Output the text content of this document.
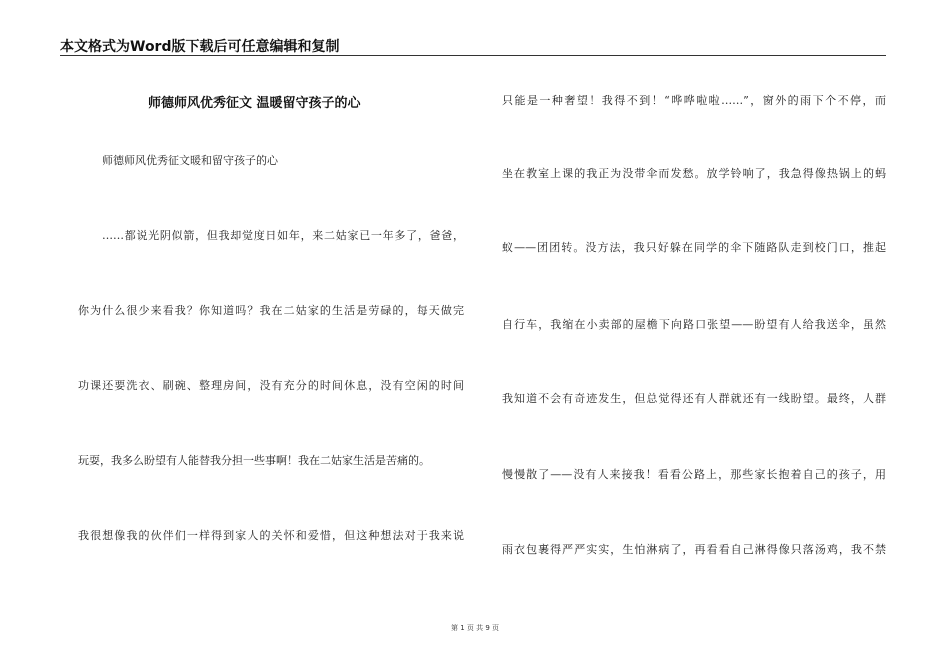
本文格式为Word版下载后可任意编辑和复制
师德师风优秀征文 温暖留守孩子的心
师德师风优秀征文暖和留守孩子的心
……都说光阴似箭，但我却觉度日如年，来二姑家已一年多了，爸爸，
你为什么很少来看我？你知道吗？我在二姑家的生活是劳碌的，每天做完
功课还要洗衣、刷碗、整理房间，没有充分的时间休息，没有空闲的时间
玩耍，我多么盼望有人能替我分担一些事啊！我在二姑家生活是苦痛的。
我很想像我的伙伴们一样得到家人的关怀和爱惜，但这种想法对于我来说
只能是一种奢望！我得不到！“哗哗啦啦……”，窗外的雨下个不停，而
坐在教室上课的我正为没带伞而发愁。放学铃响了，我急得像热锅上的蚂
蚁——团团转。没方法，我只好躲在同学的伞下随路队走到校门口，推起
自行车，我缩在小卖部的屋檐下向路口张望——盼望有人给我送伞，虽然
我知道不会有奇迹发生，但总觉得还有人群就还有一线盼望。最终，人群
慢慢散了——没有人来接我！看看公路上，那些家长抱着自己的孩子，用
雨衣包裹得严严实实，生怕淋病了，再看看自己淋得像只落汤鸡，我不禁
第 1 页 共 9 页
